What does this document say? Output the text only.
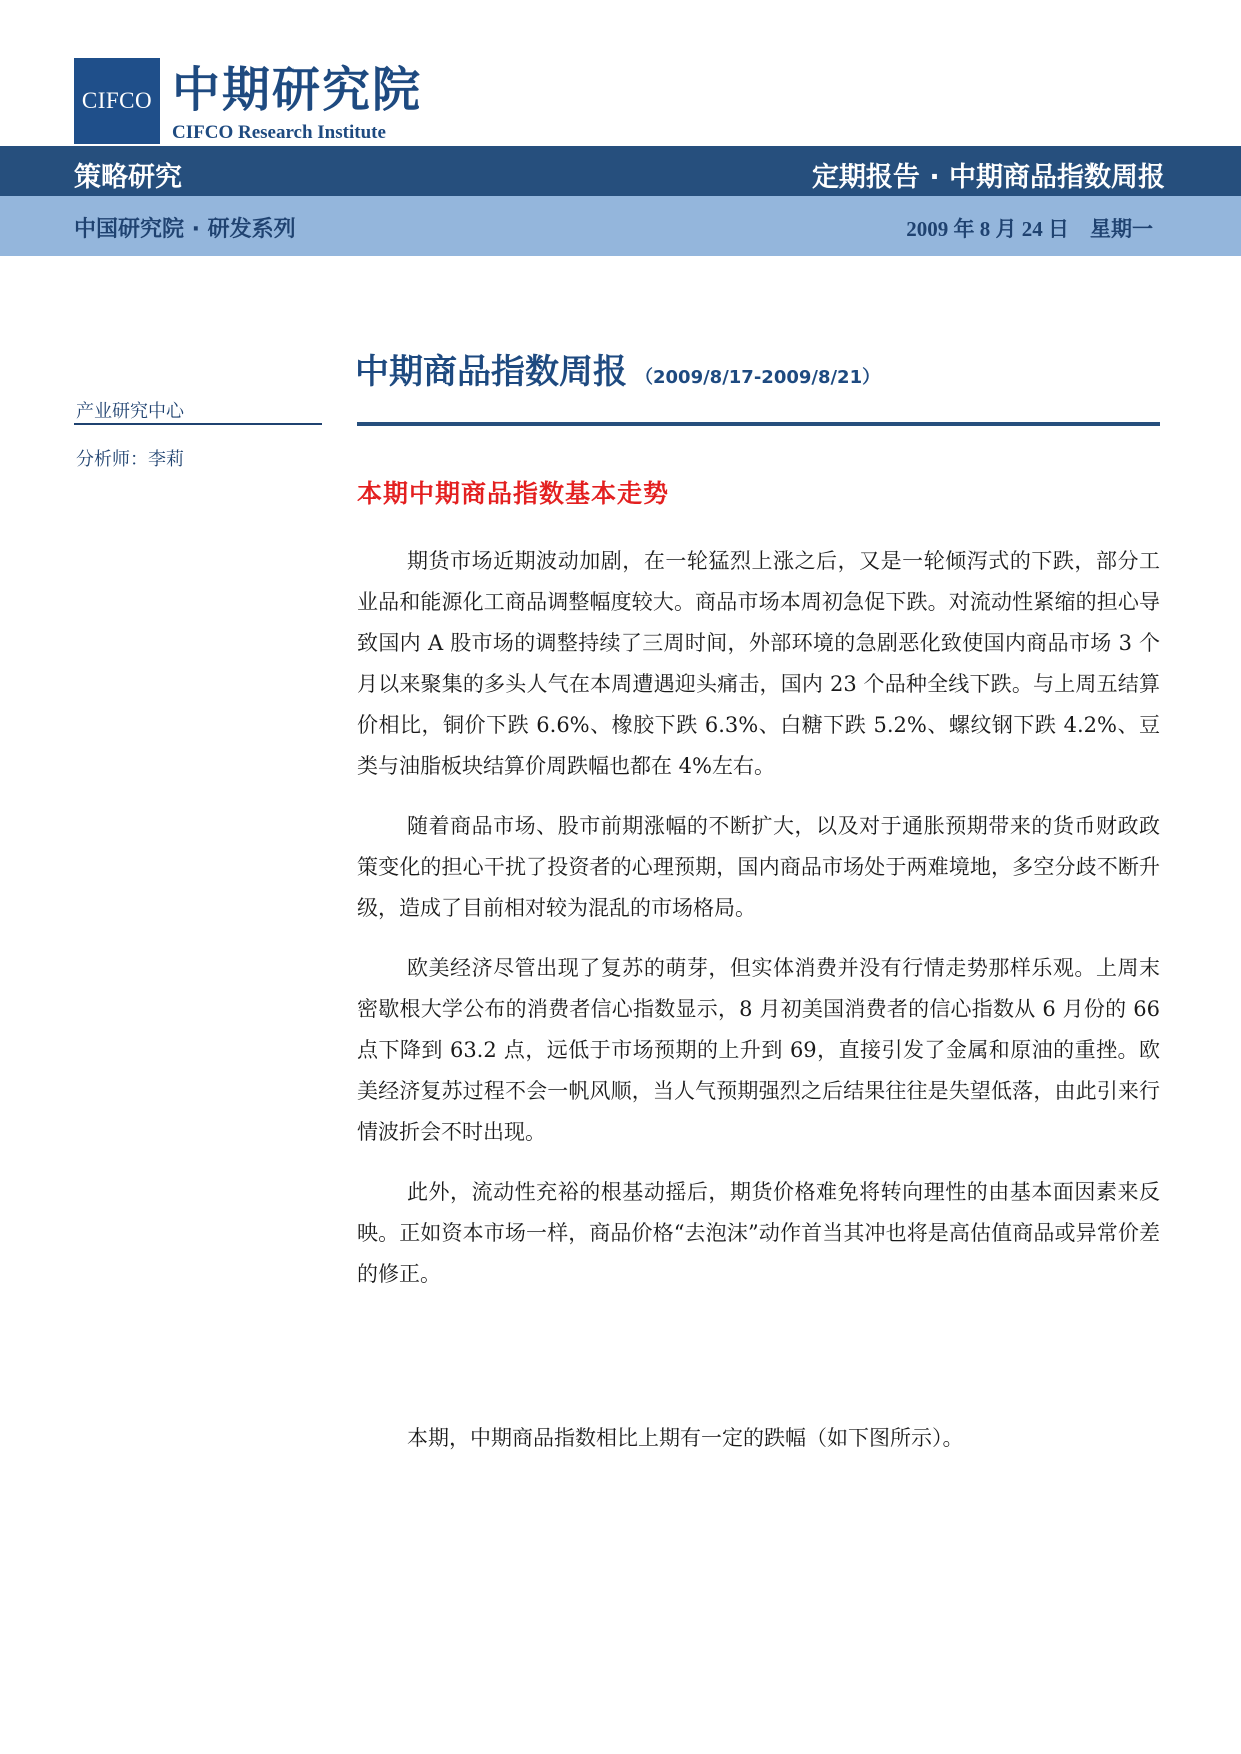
CIFCO 中期研究院
CIFCO Research Institute
策略研究	定期报告 · 中期商品指数周报
中国研究院 · 研发系列	2009 年 8 月 24 日　星期一
产业研究中心
分析师：李莉
中期商品指数周报 （2009/8/17-2009/8/21）
本期中期商品指数基本走势

期货市场近期波动加剧，在一轮猛烈上涨之后，又是一轮倾泻式的下跌，部分工业品和能源化工商品调整幅度较大。商品市场本周初急促下跌。对流动性紧缩的担心导致国内 A 股市场的调整持续了三周时间，外部环境的急剧恶化致使国内商品市场 3 个月以来聚集的多头人气在本周遭遇迎头痛击，国内 23 个品种全线下跌。与上周五结算价相比，铜价下跌 6.6%、橡胶下跌 6.3%、白糖下跌 5.2%、螺纹钢下跌 4.2%、豆类与油脂板块结算价周跌幅也都在 4%左右。

随着商品市场、股市前期涨幅的不断扩大，以及对于通胀预期带来的货币财政政策变化的担心干扰了投资者的心理预期，国内商品市场处于两难境地，多空分歧不断升级，造成了目前相对较为混乱的市场格局。

欧美经济尽管出现了复苏的萌芽，但实体消费并没有行情走势那样乐观。上周末密歇根大学公布的消费者信心指数显示，8 月初美国消费者的信心指数从 6 月份的 66 点下降到 63.2 点，远低于市场预期的上升到 69，直接引发了金属和原油的重挫。欧美经济复苏过程不会一帆风顺，当人气预期强烈之后结果往往是失望低落，由此引来行情波折会不时出现。

此外，流动性充裕的根基动摇后，期货价格难免将转向理性的由基本面因素来反映。正如资本市场一样，商品价格“去泡沫”动作首当其冲也将是高估值商品或异常价差的修正。

本期，中期商品指数相比上期有一定的跌幅（如下图所示）。
